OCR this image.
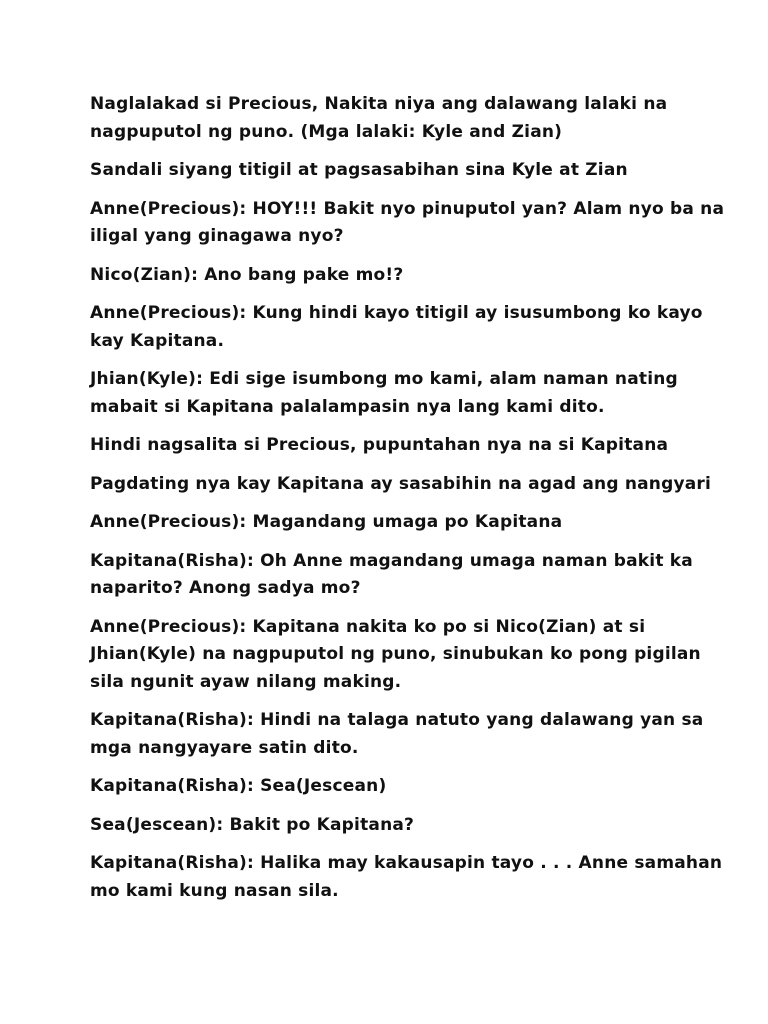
Naglalakad si Precious, Nakita niya ang dalawang lalaki na nagpuputol ng puno. (Mga lalaki: Kyle and Zian)

Sandali siyang titigil at pagsasabihan sina Kyle at Zian

Anne(Precious): HOY!!! Bakit nyo pinuputol yan? Alam nyo ba na iligal yang ginagawa nyo?

Nico(Zian): Ano bang pake mo!?

Anne(Precious): Kung hindi kayo titigil ay isusumbong ko kayo kay Kapitana.

Jhian(Kyle): Edi sige isumbong mo kami, alam naman nating mabait si Kapitana palalampasin nya lang kami dito.

Hindi nagsalita si Precious, pupuntahan nya na si Kapitana

Pagdating nya kay Kapitana ay sasabihin na agad ang nangyari

Anne(Precious): Magandang umaga po Kapitana

Kapitana(Risha): Oh Anne magandang umaga naman bakit ka naparito? Anong sadya mo?

Anne(Precious): Kapitana nakita ko po si Nico(Zian) at si Jhian(Kyle) na nagpuputol ng puno, sinubukan ko pong pigilan sila ngunit ayaw nilang making.

Kapitana(Risha): Hindi na talaga natuto yang dalawang yan sa mga nangyayare satin dito.

Kapitana(Risha): Sea(Jescean)

Sea(Jescean): Bakit po Kapitana?

Kapitana(Risha): Halika may kakausapin tayo . . . Anne samahan mo kami kung nasan sila.
